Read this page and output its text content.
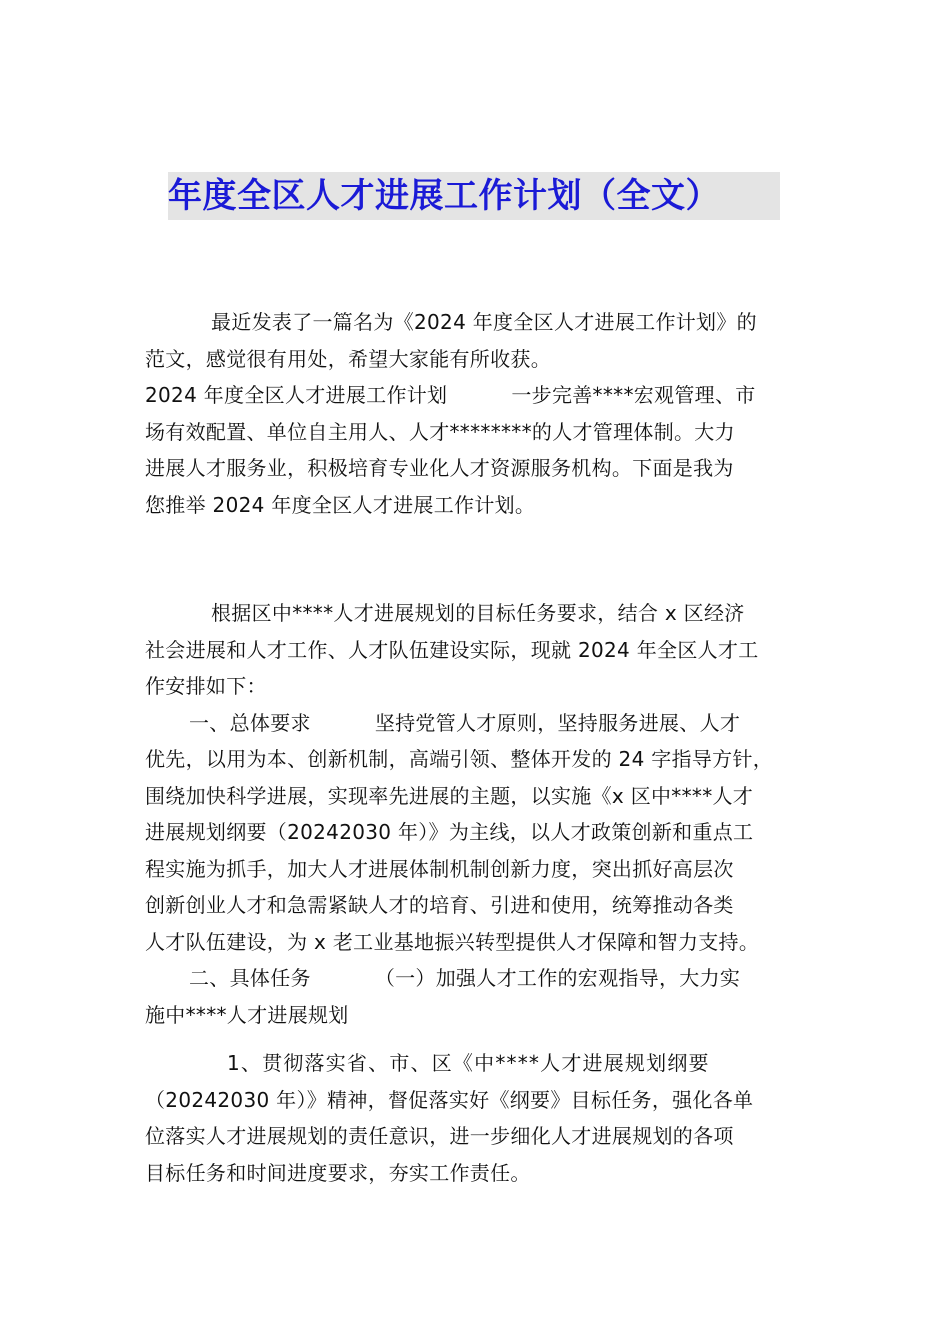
年度全区人才进展工作计划（全文）
最近发表了一篇名为《2024 年度全区人才进展工作计划》的
范文，感觉很有用处，希望大家能有所收获。
2024 年度全区人才进展工作计划	一步完善****宏观管理、市
场有效配置、单位自主用人、人才********的人才管理体制。大力
进展人才服务业，积极培育专业化人才资源服务机构。下面是我为
您推举 2024 年度全区人才进展工作计划。
根据区中****人才进展规划的目标任务要求，结合 x 区经济
社会进展和人才工作、人才队伍建设实际，现就 2024 年全区人才工
作安排如下：
一、总体要求	坚持党管人才原则，坚持服务进展、人才
优先，以用为本、创新机制，高端引领、整体开发的 24 字指导方针，
围绕加快科学进展，实现率先进展的主题，以实施《x 区中****人才
进展规划纲要（20242030 年）》为主线，以人才政策创新和重点工
程实施为抓手，加大人才进展体制机制创新力度，突出抓好高层次
创新创业人才和急需紧缺人才的培育、引进和使用，统筹推动各类
人才队伍建设，为 x 老工业基地振兴转型提供人才保障和智力支持。
二、具体任务	（一）加强人才工作的宏观指导，大力实
施中****人才进展规划
1、贯彻落实省、市、区《中****人才进展规划纲要
（20242030 年）》精神，督促落实好《纲要》目标任务，强化各单
位落实人才进展规划的责任意识，进一步细化人才进展规划的各项
目标任务和时间进度要求，夯实工作责任。
